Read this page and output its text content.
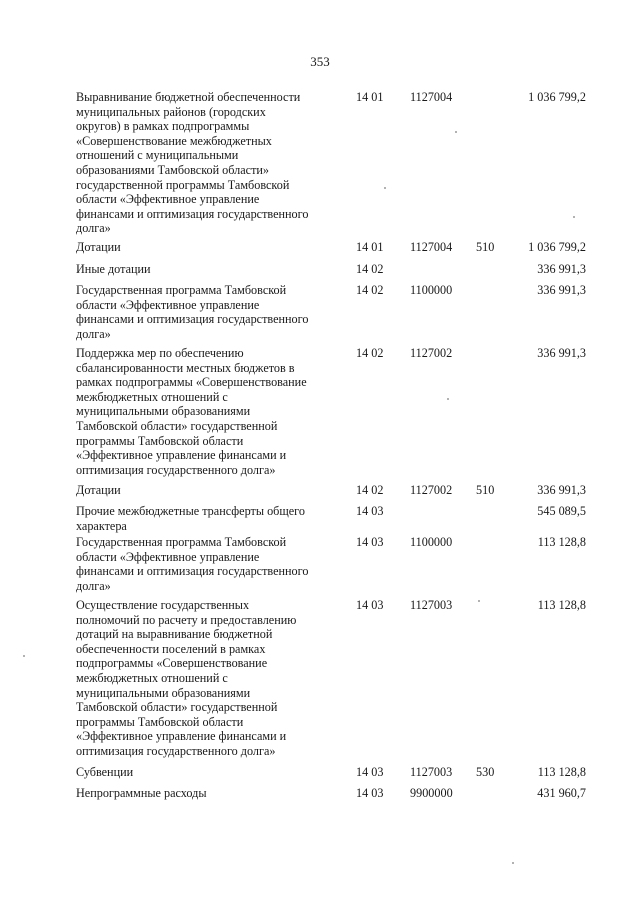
353
Выравнивание бюджетной обеспеченности
муниципальных районов (городских
округов) в рамках подпрограммы
«Совершенствование межбюджетных
отношений с муниципальными
образованиями Тамбовской области»
государственной программы Тамбовской
области «Эффективное управление
финансами и оптимизация государственного
долга»
14 01	1127004	1 036 799,2
Дотации	14 01	1127004	510	1 036 799,2
Иные дотации	14 02	336 991,3
Государственная программа Тамбовской
области «Эффективное управление
финансами и оптимизация государственного
долга»
14 02	1100000	336 991,3
Поддержка мер по обеспечению
сбалансированности местных бюджетов в
рамках подпрограммы «Совершенствование
межбюджетных отношений с
муниципальными образованиями
Тамбовской области» государственной
программы Тамбовской области
«Эффективное управление финансами и
оптимизация государственного долга»
14 02	1127002	336 991,3
Дотации	14 02	1127002	510	336 991,3
Прочие межбюджетные трансферты общего
характера
14 03	545 089,5
Государственная программа Тамбовской
области «Эффективное управление
финансами и оптимизация государственного
долга»
14 03	1100000	113 128,8
Осуществление государственных
полномочий по расчету и предоставлению
дотаций на выравнивание бюджетной
обеспеченности поселений в рамках
подпрограммы «Совершенствование
межбюджетных отношений с
муниципальными образованиями
Тамбовской области» государственной
программы Тамбовской области
«Эффективное управление финансами и
оптимизация государственного долга»
14 03	1127003	113 128,8
Субвенции	14 03	1127003	530	113 128,8
Непрограммные расходы	14 03	9900000	431 960,7
